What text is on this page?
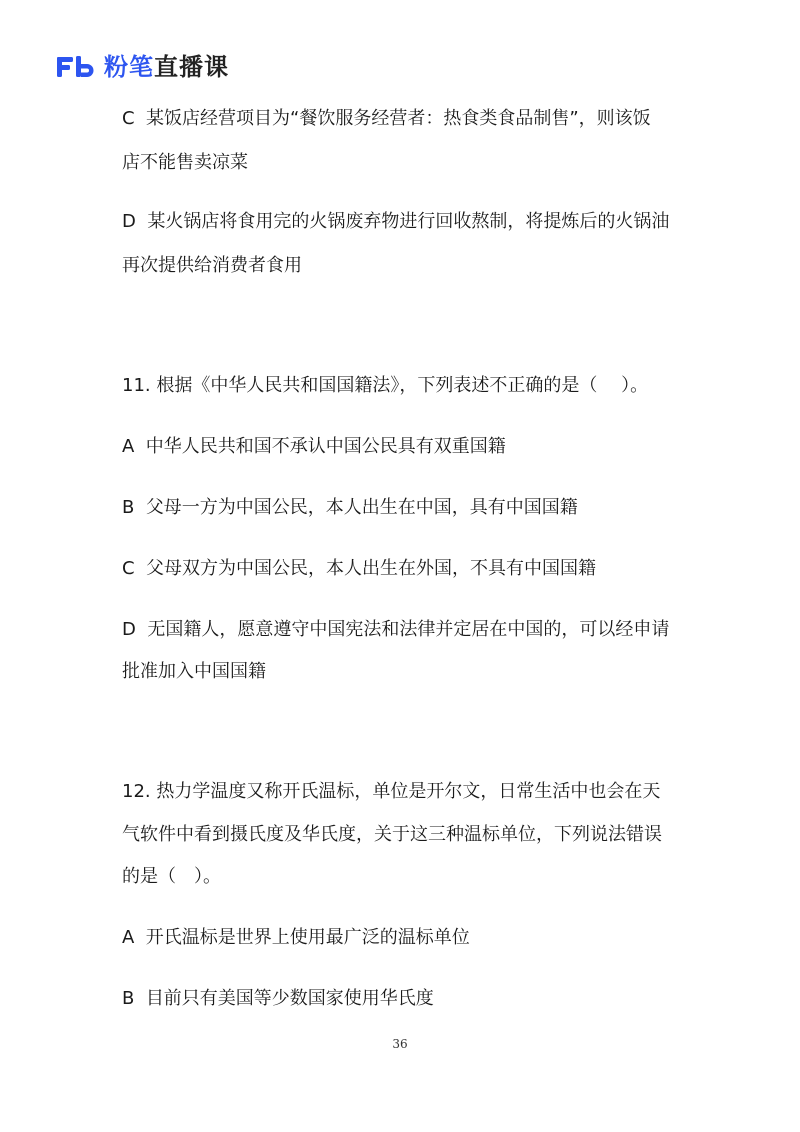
粉笔 直播课
C 某饭店经营项目为“餐饮服务经营者：热食类食品制售”，则该饭
店不能售卖凉菜
D 某火锅店将食用完的火锅废弃物进行回收熬制，将提炼后的火锅油
再次提供给消费者食用
11. 根据《中华人民共和国国籍法》，下列表述不正确的是（　 ）。
A 中华人民共和国不承认中国公民具有双重国籍
B 父母一方为中国公民，本人出生在中国，具有中国国籍
C 父母双方为中国公民，本人出生在外国，不具有中国国籍
D 无国籍人，愿意遵守中国宪法和法律并定居在中国的，可以经申请
批准加入中国国籍
12. 热力学温度又称开氏温标，单位是开尔文，日常生活中也会在天
气软件中看到摄氏度及华氏度，关于这三种温标单位，下列说法错误
的是（　）。
A 开氏温标是世界上使用最广泛的温标单位
B 目前只有美国等少数国家使用华氏度
36
